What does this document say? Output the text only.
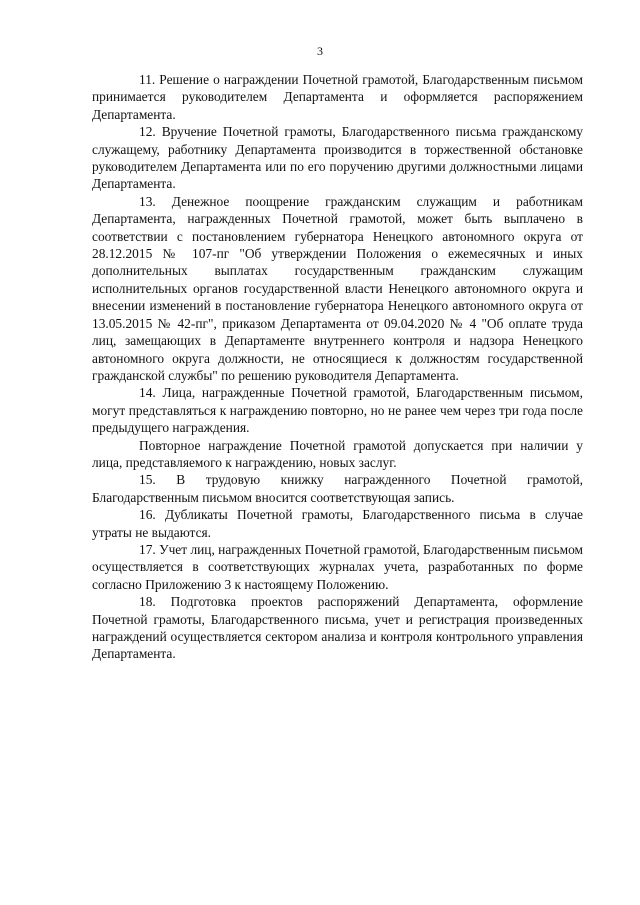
3

11. Решение о награждении Почетной грамотой, Благодарственным письмом принимается руководителем Департамента и оформляется распоряжением Департамента.

12. Вручение Почетной грамоты, Благодарственного письма гражданскому служащему, работнику Департамента производится в торжественной обстановке руководителем Департамента или по его поручению другими должностными лицами Департамента.

13. Денежное поощрение гражданским служащим и работникам Департамента, награжденных Почетной грамотой, может быть выплачено в соответствии с постановлением губернатора Ненецкого автономного округа от 28.12.2015 № 107-пг "Об утверждении Положения о ежемесячных и иных дополнительных выплатах государственным гражданским служащим исполнительных органов государственной власти Ненецкого автономного округа и внесении изменений в постановление губернатора Ненецкого автономного округа от 13.05.2015 № 42-пг", приказом Департамента от 09.04.2020 № 4 "Об оплате труда лиц, замещающих в Департаменте внутреннего контроля и надзора Ненецкого автономного округа должности, не относящиеся к должностям государственной гражданской службы" по решению руководителя Департамента.

14. Лица, награжденные Почетной грамотой, Благодарственным письмом, могут представляться к награждению повторно, но не ранее чем через три года после предыдущего награждения.

Повторное награждение Почетной грамотой допускается при наличии у лица, представляемого к награждению, новых заслуг.

15. В трудовую книжку награжденного Почетной грамотой, Благодарственным письмом вносится соответствующая запись.

16. Дубликаты Почетной грамоты, Благодарственного письма в случае утраты не выдаются.

17. Учет лиц, награжденных Почетной грамотой, Благодарственным письмом осуществляется в соответствующих журналах учета, разработанных по форме согласно Приложению 3 к настоящему Положению.

18. Подготовка проектов распоряжений Департамента, оформление Почетной грамоты, Благодарственного письма, учет и регистрация произведенных награждений осуществляется сектором анализа и контроля контрольного управления Департамента.
